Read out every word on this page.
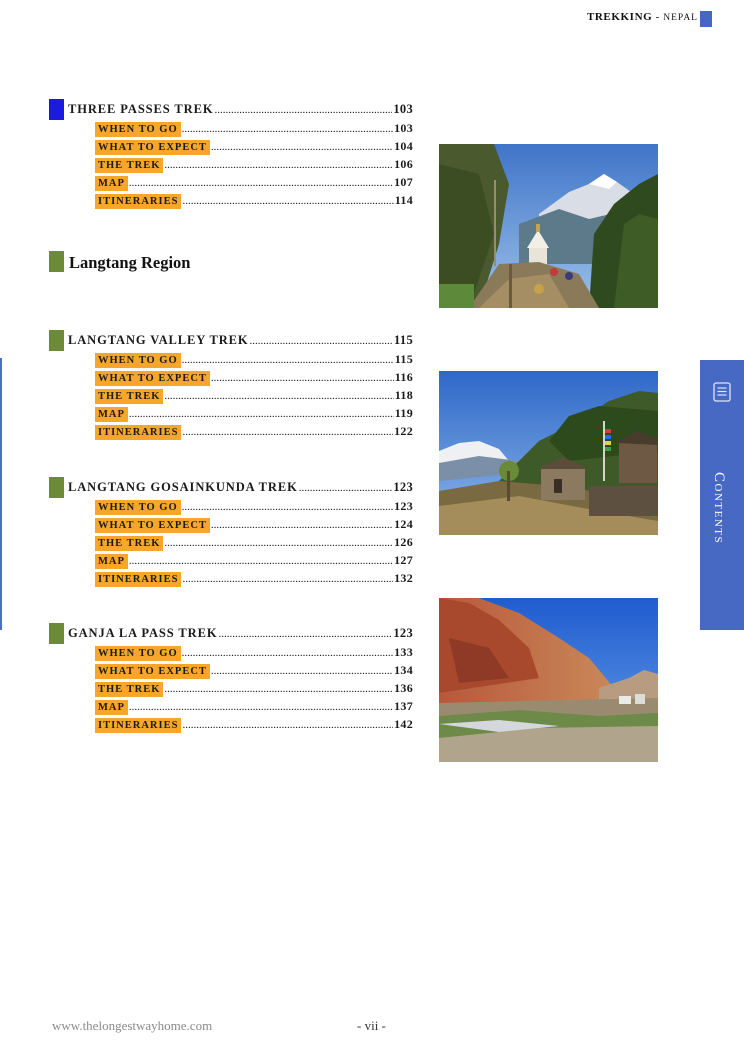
TREKKING - NEPAL
Contents
THREE PASSES TREK .....	103
WHEN TO GO .....	103
WHAT TO EXPECT .....	104
THE TREK .....	106
MAP .....	107
ITINERARIES .....	114
Langtang Region
LANGTANG VALLEY TREK .....	115
WHEN TO GO .....	115
WHAT TO EXPECT .....	116
THE TREK .....	118
MAP .....	119
ITINERARIES .....	122
LANGTANG GOSAINKUNDA TREK .....	123
WHEN TO GO .....	123
WHAT TO EXPECT .....	124
THE TREK .....	126
MAP .....	127
ITINERARIES .....	132
GANJA LA PASS TREK .....	123
WHEN TO GO .....	133
WHAT TO EXPECT .....	134
THE TREK .....	136
MAP .....	137
ITINERARIES .....	142
www.thelongestwayhome.com	- vii -
